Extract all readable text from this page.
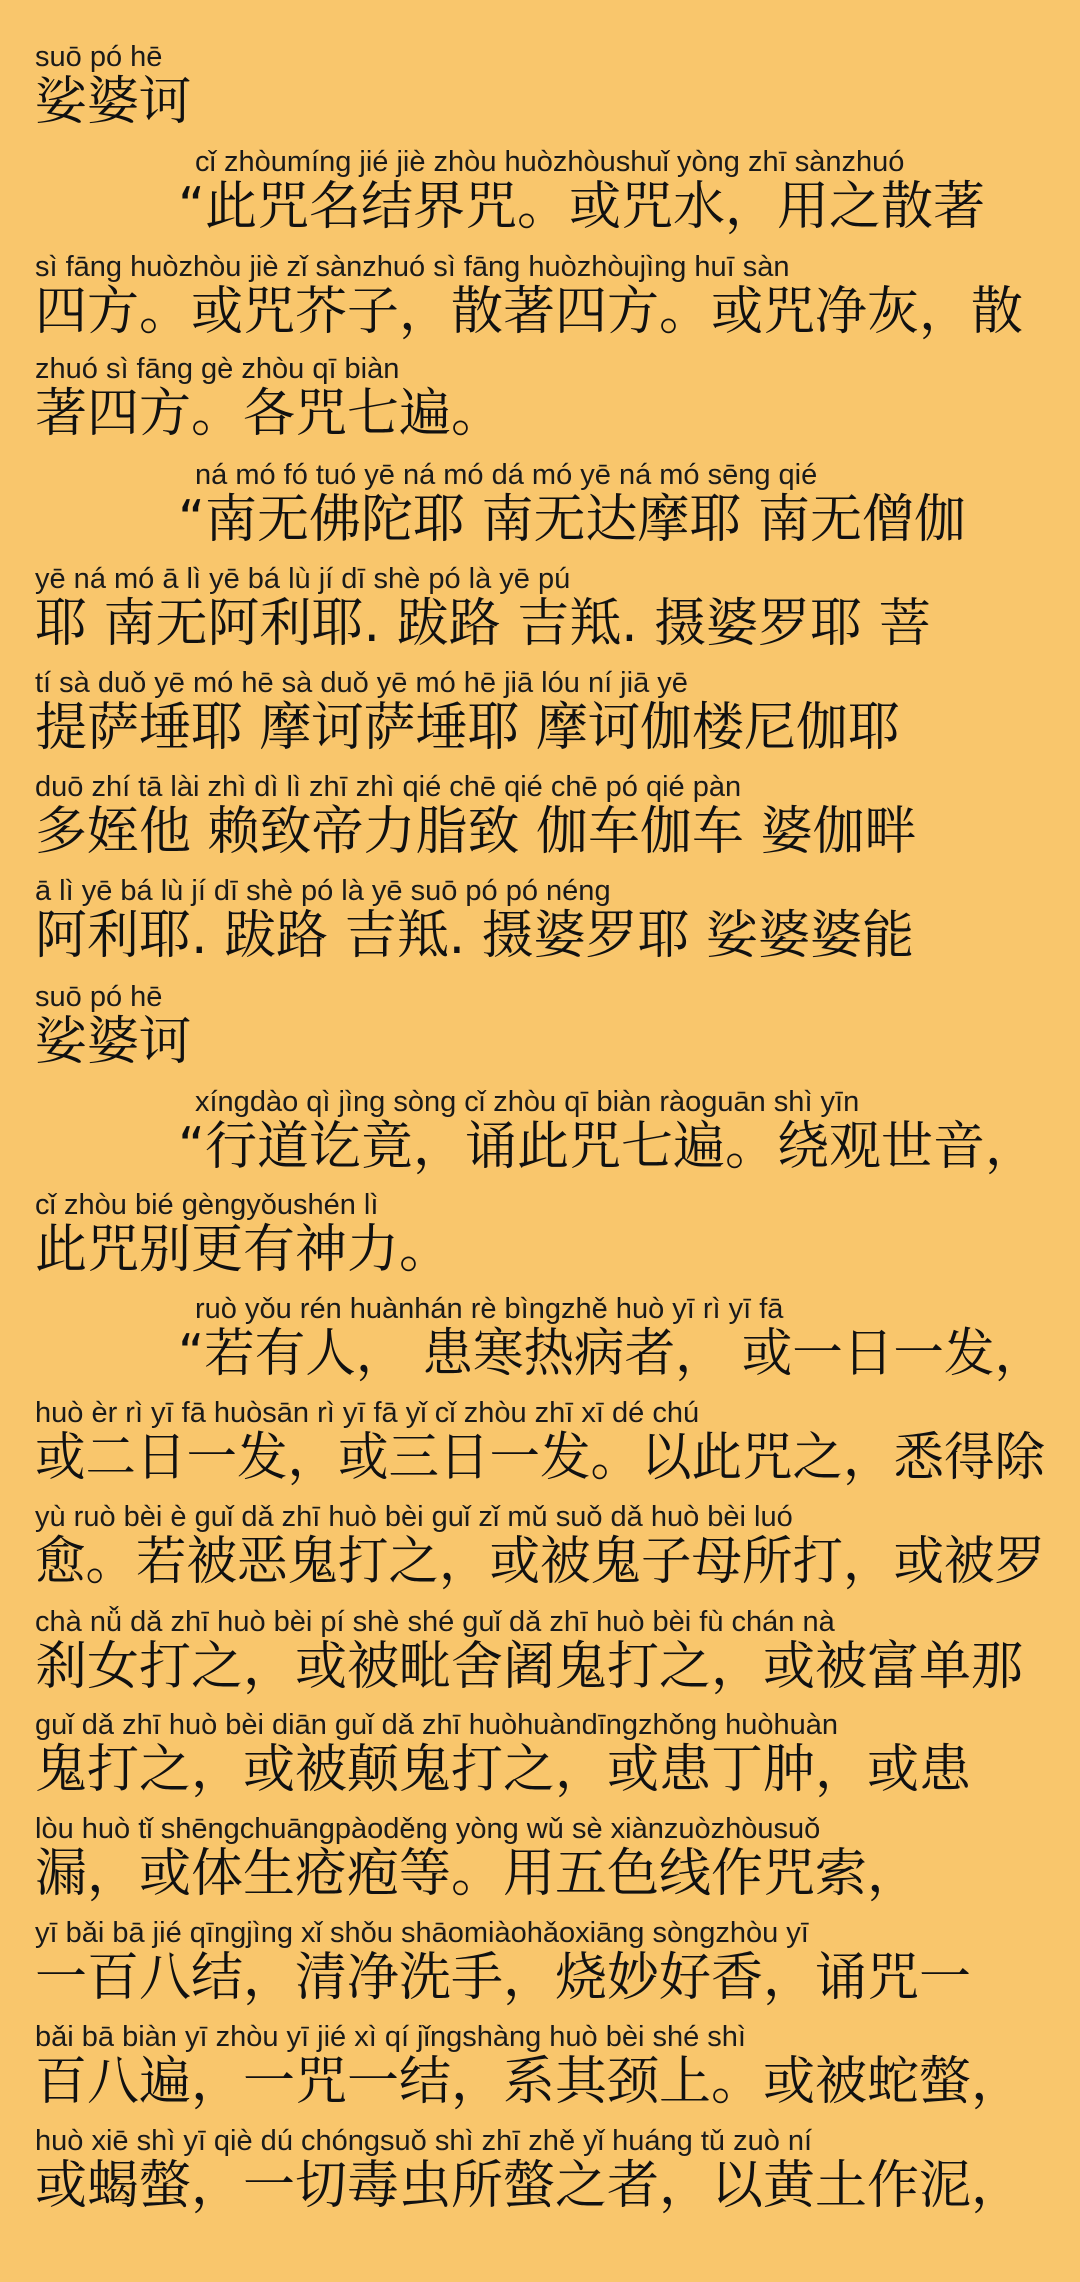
suō pó hē
娑婆诃
cǐ zhòumíng jié jiè zhòu huòzhòushuǐ yòng zhī sànzhuó
“此咒名结界咒。或咒水，用之散著
sì fāng huòzhòu jiè zǐ sànzhuó sì fāng huòzhòujìng huī sàn
四方。或咒芥子，散著四方。或咒净灰，散
zhuó sì fāng gè zhòu qī biàn
著四方。各咒七遍。
ná mó fó tuó yē ná mó dá mó yē ná mó sēng qié
“南无佛陀耶 南无达摩耶 南无僧伽
yē ná mó ā lì yē bá lù jí dī shè pó là yē pú
耶 南无阿利耶. 跋路 吉羝. 摄婆罗耶 菩
tí sà duǒ yē mó hē sà duǒ yē mó hē jiā lóu ní jiā yē
提萨埵耶 摩诃萨埵耶 摩诃伽楼尼伽耶
duō zhí tā lài zhì dì lì zhī zhì qié chē qié chē pó qié pàn
多姪他 赖致帝力脂致 伽车伽车 婆伽畔
ā lì yē bá lù jí dī shè pó là yē suō pó pó néng
阿利耶. 跋路 吉羝. 摄婆罗耶 娑婆婆能
suō pó hē
娑婆诃
xíngdào qì jìng sòng cǐ zhòu qī biàn ràoguān shì yīn
“行道讫竟，诵此咒七遍。绕观世音，
cǐ zhòu bié gèngyǒushén lì
此咒别更有神力。
ruò yǒu rén huànhán rè bìngzhě huò yī rì yī fā
“若有人， 患寒热病者， 或一日一发，
huò èr rì yī fā huòsān rì yī fā yǐ cǐ zhòu zhī xī dé chú
或二日一发，或三日一发。以此咒之，悉得除
yù ruò bèi è guǐ dǎ zhī huò bèi guǐ zǐ mǔ suǒ dǎ huò bèi luó
愈。若被恶鬼打之，或被鬼子母所打，或被罗
chà nǚ dǎ zhī huò bèi pí shè shé guǐ dǎ zhī huò bèi fù chán nà
刹女打之，或被毗舍阇鬼打之，或被富单那
guǐ dǎ zhī huò bèi diān guǐ dǎ zhī huòhuàndīngzhǒng huòhuàn
鬼打之，或被颠鬼打之，或患丁肿，或患
lòu huò tǐ shēngchuāngpàoděng yòng wǔ sè xiànzuòzhòusuǒ
漏，或体生疮疱等。用五色线作咒索，
yī bǎi bā jié qīngjìng xǐ shǒu shāomiàohǎoxiāng sòngzhòu yī
一百八结，清净洗手，烧妙好香，诵咒一
bǎi bā biàn yī zhòu yī jié xì qí jǐngshàng huò bèi shé shì
百八遍，一咒一结，系其颈上。或被蛇螫，
huò xiē shì yī qiè dú chóngsuǒ shì zhī zhě yǐ huáng tǔ zuò ní
或蝎螫，一切毒虫所螫之者，以黄土作泥，
